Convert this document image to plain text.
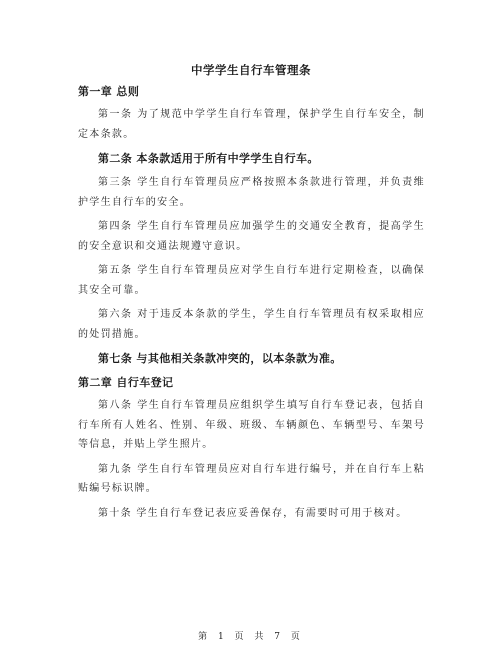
中学学生自行车管理条
第一章 总则

第一条 为了规范中学学生自行车管理，保护学生自行车安全，制定本条款。

第二条 本条款适用于所有中学学生自行车。

第三条 学生自行车管理员应严格按照本条款进行管理，并负责维护学生自行车的安全。

第四条 学生自行车管理员应加强学生的交通安全教育，提高学生的安全意识和交通法规遵守意识。

第五条 学生自行车管理员应对学生自行车进行定期检查，以确保其安全可靠。

第六条 对于违反本条款的学生，学生自行车管理员有权采取相应的处罚措施。

第七条 与其他相关条款冲突的，以本条款为准。

第二章 自行车登记

第八条 学生自行车管理员应组织学生填写自行车登记表，包括自行车所有人姓名、性别、年级、班级、车辆颜色、车辆型号、车架号等信息，并贴上学生照片。

第九条 学生自行车管理员应对自行车进行编号，并在自行车上粘贴编号标识牌。

第十条 学生自行车登记表应妥善保存，有需要时可用于核对。

第 1 页 共 7 页
